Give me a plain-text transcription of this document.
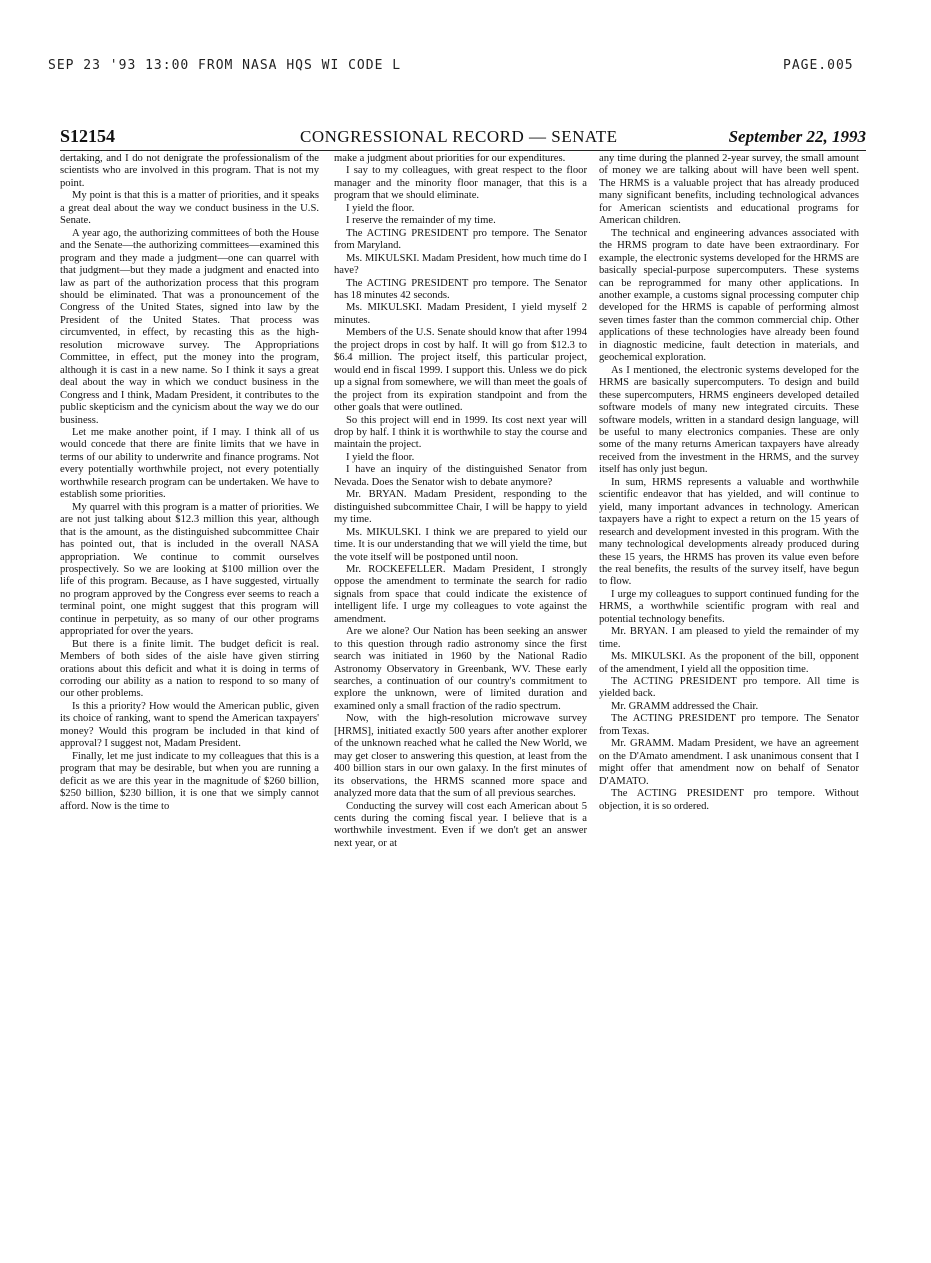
SEP 23 '93 13:00 FROM NASA HQS WI CODE L	PAGE.005
S12154	CONGRESSIONAL RECORD — SENATE	September 22, 1993

dertaking, and I do not denigrate the professionalism of the scientists who are involved in this program. That is not my point.

My point is that this is a matter of priorities, and it speaks a great deal about the way we conduct business in the U.S. Senate.

A year ago, the authorizing committees of both the House and the Senate—the authorizing committees—examined this program and they made a judgment—one can quarrel with that judgment—but they made a judgment and enacted into law as part of the authorization process that this program should be eliminated. That was a pronouncement of the Congress of the United States, signed into law by the President of the United States. That process was circumvented, in effect, by recasting this as the high-resolution microwave survey. The Appropriations Committee, in effect, put the money into the program, although it is cast in a new name. So I think it says a great deal about the way in which we conduct business in the Congress and I think, Madam President, it contributes to the public skepticism and the cynicism about the way we do our business.

Let me make another point, if I may. I think all of us would concede that there are finite limits that we have in terms of our ability to underwrite and finance programs. Not every potentially worthwhile project, not every potentially worthwhile research program can be undertaken. We have to establish some priorities.

My quarrel with this program is a matter of priorities. We are not just talking about $12.3 million this year, although that is the amount, as the distinguished subcommittee Chair has pointed out, that is included in the overall NASA appropriation. We continue to commit ourselves prospectively. So we are looking at $100 million over the life of this program. Because, as I have suggested, virtually no program approved by the Congress ever seems to reach a terminal point, one might suggest that this program will continue in perpetuity, as so many of our other programs appropriated for over the years.

But there is a finite limit. The budget deficit is real. Members of both sides of the aisle have given stirring orations about this deficit and what it is doing in terms of corroding our ability as a nation to respond to so many of our other problems.

Is this a priority? How would the American public, given its choice of ranking, want to spend the American taxpayers' money? Would this program be included in that kind of approval? I suggest not, Madam President.

Finally, let me just indicate to my colleagues that this is a program that may be desirable, but when you are running a deficit as we are this year in the magnitude of $260 billion, $250 billion, $230 billion, it is one that we simply cannot afford. Now is the time to

make a judgment about priorities for our expenditures.

I say to my colleagues, with great respect to the floor manager and the minority floor manager, that this is a program that we should eliminate.

I yield the floor.

I reserve the remainder of my time.

The ACTING PRESIDENT pro tempore. The Senator from Maryland.

Ms. MIKULSKI. Madam President, how much time do I have?

The ACTING PRESIDENT pro tempore. The Senator has 18 minutes 42 seconds.

Ms. MIKULSKI. Madam President, I yield myself 2 minutes.

Members of the U.S. Senate should know that after 1994 the project drops in cost by half. It will go from $12.3 to $6.4 million. The project itself, this particular project, would end in fiscal 1999. I support this. Unless we do pick up a signal from somewhere, we will than meet the goals of the project from its expiration standpoint and from the other goals that were outlined.

So this project will end in 1999. Its cost next year will drop by half. I think it is worthwhile to stay the course and maintain the project.

I yield the floor.

I have an inquiry of the distinguished Senator from Nevada. Does the Senator wish to debate anymore?

Mr. BRYAN. Madam President, responding to the distinguished subcommittee Chair, I will be happy to yield my time.

Ms. MIKULSKI. I think we are prepared to yield our time. It is our understanding that we will yield the time, but the vote itself will be postponed until noon.

Mr. ROCKEFELLER. Madam President, I strongly oppose the amendment to terminate the search for radio signals from space that could indicate the existence of intelligent life. I urge my colleagues to vote against the amendment.

Are we alone? Our Nation has been seeking an answer to this question through radio astronomy since the first search was initiated in 1960 by the National Radio Astronomy Observatory in Greenbank, WV. These early searches, a continuation of our country's commitment to explore the unknown, were of limited duration and examined only a small fraction of the radio spectrum.

Now, with the high-resolution microwave survey [HRMS], initiated exactly 500 years after another explorer of the unknown reached what he called the New World, we may get closer to answering this question, at least from the 400 billion stars in our own galaxy. In the first minutes of its observations, the HRMS scanned more space and analyzed more data that the sum of all previous searches.

Conducting the survey will cost each American about 5 cents during the coming fiscal year. I believe that is a worthwhile investment. Even if we don't get an answer next year, or at

any time during the planned 2-year survey, the small amount of money we are talking about will have been well spent. The HRMS is a valuable project that has already produced many significant benefits, including technological advances for American scientists and educational programs for American children.

The technical and engineering advances associated with the HRMS program to date have been extraordinary. For example, the electronic systems developed for the HRMS are basically special-purpose supercomputers. These systems can be reprogrammed for many other applications. In another example, a customs signal processing computer chip developed for the HRMS is capable of performing almost seven times faster than the common commercial chip. Other applications of these technologies have already been found in diagnostic medicine, fault detection in materials, and geochemical exploration.

As I mentioned, the electronic systems developed for the HRMS are basically supercomputers. To design and build these supercomputers, HRMS engineers developed detailed software models of many new integrated circuits. These software models, written in a standard design language, will be useful to many electronics companies. These are only some of the many returns American taxpayers have already received from the investment in the HRMS, and the survey itself has only just begun.

In sum, HRMS represents a valuable and worthwhile scientific endeavor that has yielded, and will continue to yield, many important advances in technology. American taxpayers have a right to expect a return on the 15 years of research and development invested in this program. With the many technological developments already produced during these 15 years, the HRMS has proven its value even before the real benefits, the results of the survey itself, have begun to flow.

I urge my colleagues to support continued funding for the HRMS, a worthwhile scientific program with real and potential technology benefits.

Mr. BRYAN. I am pleased to yield the remainder of my time.

Ms. MIKULSKI. As the proponent of the bill, opponent of the amendment, I yield all the opposition time.

The ACTING PRESIDENT pro tempore. All time is yielded back.

Mr. GRAMM addressed the Chair.

The ACTING PRESIDENT pro tempore. The Senator from Texas.

Mr. GRAMM. Madam President, we have an agreement on the D'Amato amendment. I ask unanimous consent that I might offer that amendment now on behalf of Senator D'AMATO.

The ACTING PRESIDENT pro tempore. Without objection, it is so ordered.
